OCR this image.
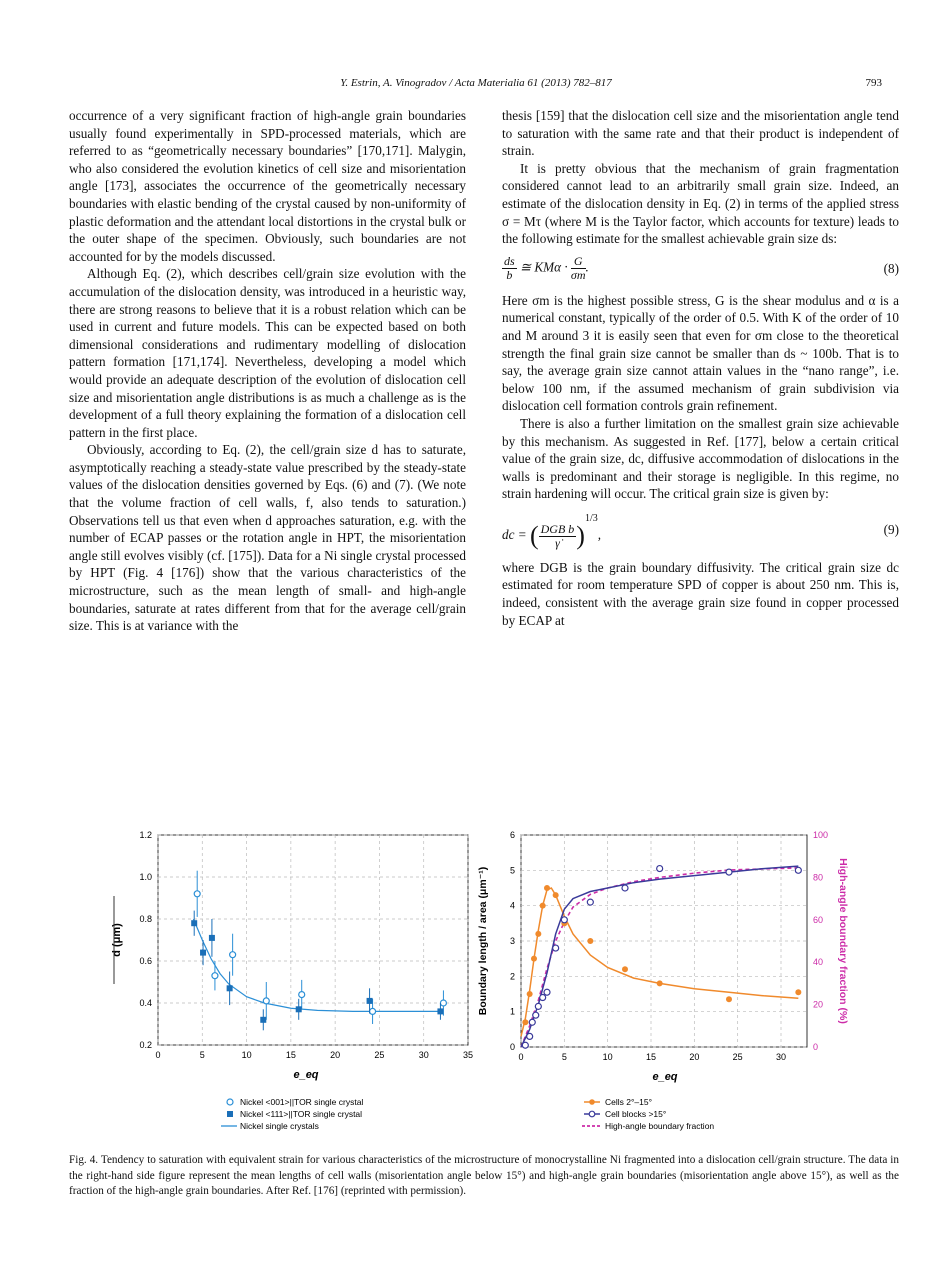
Y. Estrin, A. Vinogradov / Acta Materialia 61 (2013) 782–817	793

occurrence of a very significant fraction of high-angle grain boundaries usually found experimentally in SPD-processed materials, which are referred to as “geometrically necessary boundaries” [170,171]. Malygin, who also considered the evolution kinetics of cell size and misorientation angle [173], associates the occurrence of the geometrically necessary boundaries with elastic bending of the crystal caused by non-uniformity of plastic deformation and the attendant local distortions in the crystal bulk or the outer shape of the specimen. Obviously, such boundaries are not accounted for by the models discussed.

Although Eq. (2), which describes cell/grain size evolution with the accumulation of the dislocation density, was introduced in a heuristic way, there are strong reasons to believe that it is a robust relation which can be used in current and future models. This can be expected based on both dimensional considerations and rudimentary modelling of dislocation pattern formation [171,174]. Nevertheless, developing a model which would provide an adequate description of the evolution of dislocation cell size and misorientation angle distributions is as much a challenge as is the development of a full theory explaining the formation of a dislocation cell pattern in the first place.

Obviously, according to Eq. (2), the cell/grain size d has to saturate, asymptotically reaching a steady-state value prescribed by the steady-state values of the dislocation densities governed by Eqs. (6) and (7). (We note that the volume fraction of cell walls, f, also tends to saturation.) Observations tell us that even when d approaches saturation, e.g. with the number of ECAP passes or the rotation angle in HPT, the misorientation angle still evolves visibly (cf. [175]). Data for a Ni single crystal processed by HPT (Fig. 4 [176]) show that the various characteristics of the microstructure, such as the mean length of small- and high-angle boundaries, saturate at rates different from that for the average cell/grain size. This is at variance with the

thesis [159] that the dislocation cell size and the misorientation angle tend to saturation with the same rate and that their product is independent of strain.

It is pretty obvious that the mechanism of grain fragmentation considered cannot lead to an arbitrarily small grain size. Indeed, an estimate of the dislocation density in Eq. (2) in terms of the applied stress σ = Mτ (where M is the Taylor factor, which accounts for texture) leads to the following estimate for the smallest achievable grain size ds:

$\frac{ds}{b}$ ≅ $KM\alpha \cdot \frac{G}{\sigma m}$ .	(8)

Here σm is the highest possible stress, G is the shear modulus and α is a numerical constant, typically of the order of 0.5. With K of the order of 10 and M around 3 it is easily seen that even for σm close to the theoretical strength the final grain size cannot be smaller than ds ~ 100b. That is to say, the average grain size cannot attain values in the “nano range”, i.e. below 100 nm, if the assumed mechanism of grain subdivision via dislocation cell formation controls grain refinement.

There is also a further limitation on the smallest grain size achievable by this mechanism. As suggested in Ref. [177], below a certain critical value of the grain size, dc, diffusive accommodation of dislocations in the walls is predominant and their storage is negligible. In this regime, no strain hardening will occur. The critical grain size is given by:

dc = ( $\frac{\text{DGB b}}{\gammȧ} )^{1/3}$,	(9)

where DGB is the grain boundary diffusivity. The critical grain size dc estimated for room temperature SPD of copper is about 250 nm. This is, indeed, consistent with the average grain size found in copper processed by ECAP at

0	5	10	15	20	25	30	35
0.2
0.4
0.6
0.8
1.0
1.2
d (μm)
e_eq
Nickel <001>||TOR single crystal
Nickel <111>||TOR single crystal
Nickel single crystals
0	5	10	15	20	25	30
0
1
2
3
4
5
6
0
20
40
60
80
100
Boundary length / area (μm⁻¹)	High-angle boundary fraction (%)
e_eq
Cells 2°–15°
Cell blocks >15°
High-angle boundary fraction
Fig. 4. Tendency to saturation with equivalent strain for various characteristics of the microstructure of monocrystalline Ni fragmented into a dislocation cell/grain structure. The data in the right-hand side figure represent the mean lengths of cell walls (misorientation angle below 15°) and high-angle grain boundaries (misorientation angle above 15°), as well as the fraction of the high-angle grain boundaries. After Ref. [176] (reprinted with permission).
